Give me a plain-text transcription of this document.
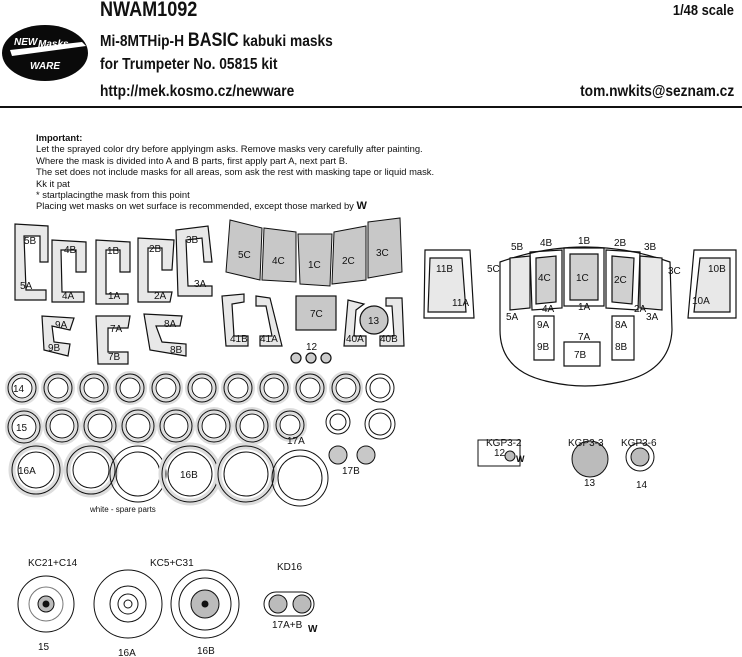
NWAM1092	1/48 scale
Mi-8MTHip-H BASIC kabuki masks
for Trumpeter No. 05815 kit
http://mek.kosmo.cz/newware	tom.nwkits@seznam.cz
Important:
Let the sprayed color dry before applyingm asks. Remove masks very carefully after painting.
Where the mask is divided into A and B parts, first apply part A, next part B.
The set does not include masks for all areas, som ask the rest with masking tape or liquid mask.
Kk it pat
* startplacingthe mask from this point
Placing wet masks on wet surface is recommended, except those marked by W
NEW Masks
WARE
5B
4B	1B	2B
3B
5A
4A	1A	2A
3A
9A
9B
7A
7B
8A
8B
5C
4C 1C 2C
3C
41B 41A
7C
40A 40B
13
12
14
15
16A	16B
17A
17B
white - spare parts
5B 4B	1B 2B 3B
5C
4C	1C	2C
3C
11B
11A
10B
10A
5A
4A 1A	2A
3A
9A
9B
7A
7B
8A
8B
KGP3-2	KGP3-3 KGP3-6
12
13	14
KC21+C14	KC5+C31	KD16
15
16A	16B
17A+B W
W
